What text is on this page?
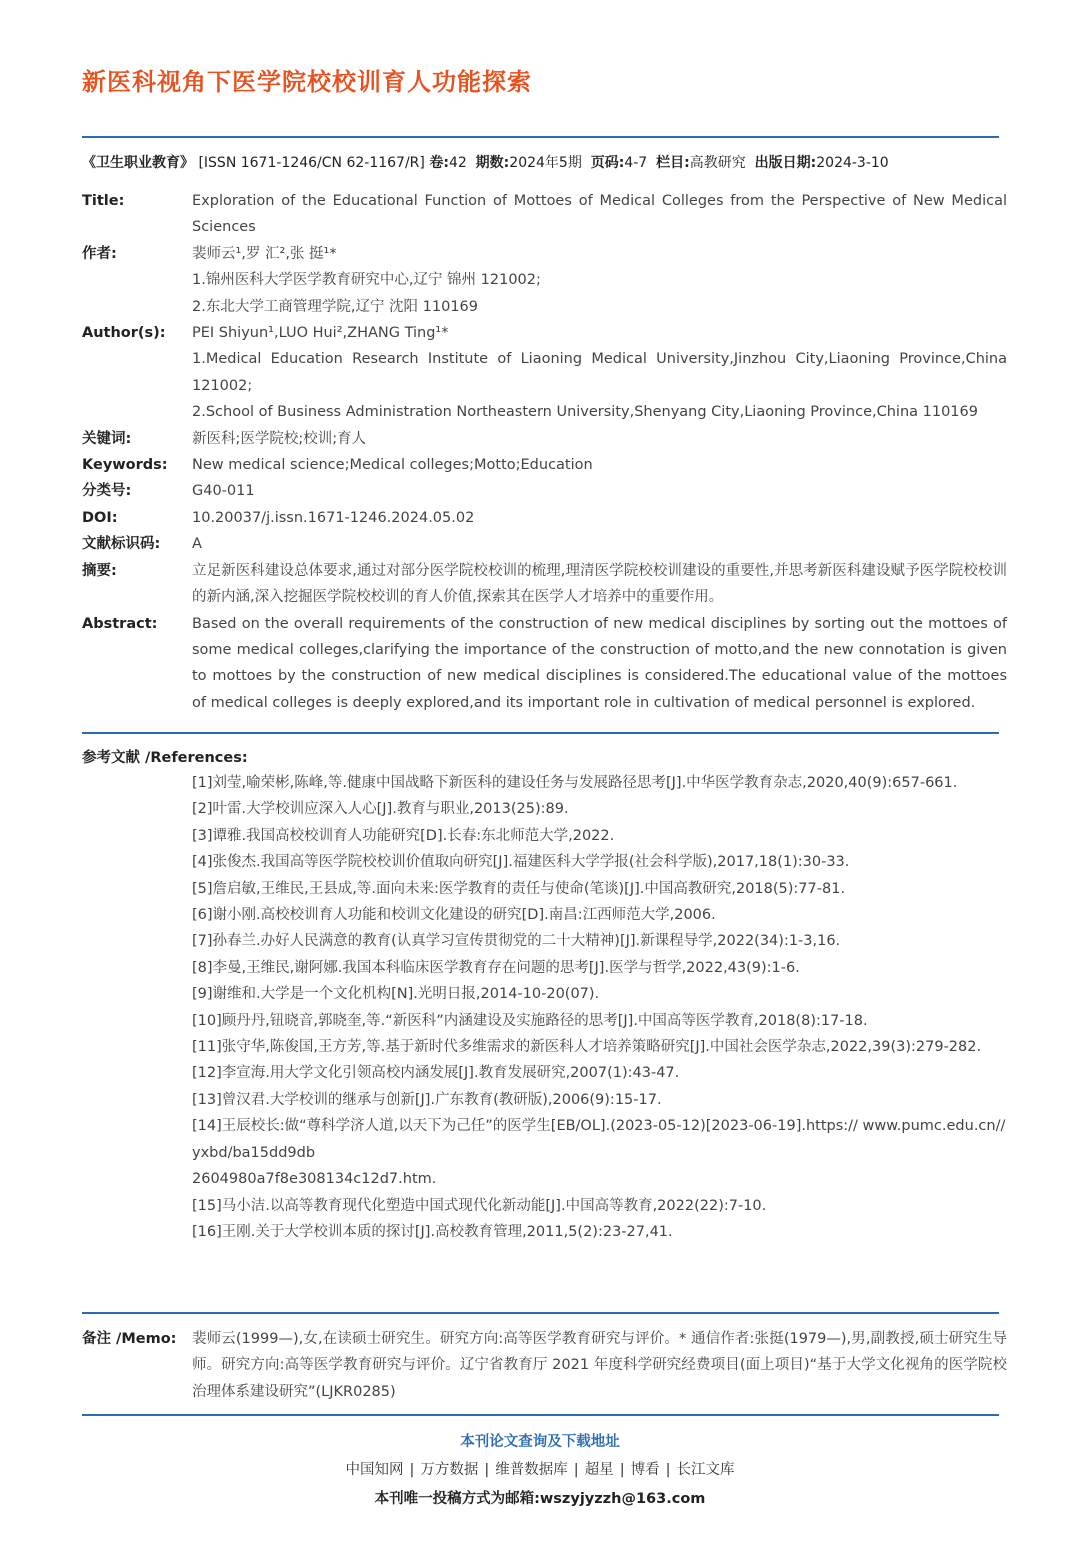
新医科视角下医学院校校训育人功能探索
《卫生职业教育》 [ISSN 1671-1246/CN 62-1167/R] 卷:42 期数:2024年5期 页码:4-7 栏目:高教研究 出版日期:2024-3-10
Title:	Exploration of the Educational Function of Mottoes of Medical Colleges from the Perspective of New Medical Sciences
作者:	裴师云¹,罗 汇²,张 挺¹*
1.锦州医科大学医学教育研究中心,辽宁 锦州 121002;
2.东北大学工商管理学院,辽宁 沈阳 110169
Author(s):	PEI Shiyun¹,LUO Hui²,ZHANG Ting¹*
1.Medical Education Research Institute of Liaoning Medical University,Jinzhou City,Liaoning Province,China 121002;
2.School of Business Administration Northeastern University,Shenyang City,Liaoning Province,China 110169
关键词:	新医科;医学院校;校训;育人
Keywords:	New medical science;Medical colleges;Motto;Education
分类号:	G40-011
DOI:	10.20037/j.issn.1671-1246.2024.05.02
文献标识码:	A
摘要:	立足新医科建设总体要求,通过对部分医学院校校训的梳理,理清医学院校校训建设的重要性,并思考新医科建设赋予医学院校校训的新内涵,深入挖掘医学院校校训的育人价值,探索其在医学人才培养中的重要作用。
Abstract:	Based on the overall requirements of the construction of new medical disciplines by sorting out the mottoes of some medical colleges,clarifying the importance of the construction of motto,and the new connotation is given to mottoes by the construction of new medical disciplines is considered.The educational value of the mottoes of medical colleges is deeply explored,and its important role in cultivation of medical personnel is explored.
参考文献 /References:
[1]刘莹,喻荣彬,陈峰,等.健康中国战略下新医科的建设任务与发展路径思考[J].中华医学教育杂志,2020,40(9):657-661.
[2]叶雷.大学校训应深入人心[J].教育与职业,2013(25):89.
[3]谭雅.我国高校校训育人功能研究[D].长春:东北师范大学,2022.
[4]张俊杰.我国高等医学院校校训价值取向研究[J].福建医科大学学报(社会科学版),2017,18(1):30-33.
[5]詹启敏,王维民,王县成,等.面向未来:医学教育的责任与使命(笔谈)[J].中国高教研究,2018(5):77-81.
[6]谢小刚.高校校训育人功能和校训文化建设的研究[D].南昌:江西师范大学,2006.
[7]孙春兰.办好人民满意的教育(认真学习宣传贯彻党的二十大精神)[J].新课程导学,2022(34):1-3,16.
[8]李曼,王维民,谢阿娜.我国本科临床医学教育存在问题的思考[J].医学与哲学,2022,43(9):1-6.
[9]谢维和.大学是一个文化机构[N].光明日报,2014-10-20(07).
[10]顾丹丹,钮晓音,郭晓奎,等.“新医科”内涵建设及实施路径的思考[J].中国高等医学教育,2018(8):17-18.
[11]张守华,陈俊国,王方芳,等.基于新时代多维需求的新医科人才培养策略研究[J].中国社会医学杂志,2022,39(3):279-282.
[12]李宣海.用大学文化引领高校内涵发展[J].教育发展研究,2007(1):43-47.
[13]曾汉君.大学校训的继承与创新[J].广东教育(教研版),2006(9):15-17.
[14]王辰校长:做“尊科学济人道,以天下为己任”的医学生[EB/OL].(2023-05-12)[2023-06-19].https:// www.pumc.edu.cn// yxbd/ba15dd9db
2604980a7f8e308134c12d7.htm.
[15]马小洁.以高等教育现代化塑造中国式现代化新动能[J].中国高等教育,2022(22):7-10.
[16]王刚.关于大学校训本质的探讨[J].高校教育管理,2011,5(2):23-27,41.
备注 /Memo:	裴师云(1999—),女,在读硕士研究生。研究方向:高等医学教育研究与评价。* 通信作者:张挺(1979—),男,副教授,硕士研究生导师。研究方向:高等医学教育研究与评价。辽宁省教育厅 2021 年度科学研究经费项目(面上项目)“基于大学文化视角的医学院校治理体系建设研究”(LJKR0285)
本刊论文查询及下载地址
中国知网 | 万方数据 | 维普数据库 | 超星 | 博看 | 长江文库
本刊唯一投稿方式为邮箱:wszyjyzzh@163.com
